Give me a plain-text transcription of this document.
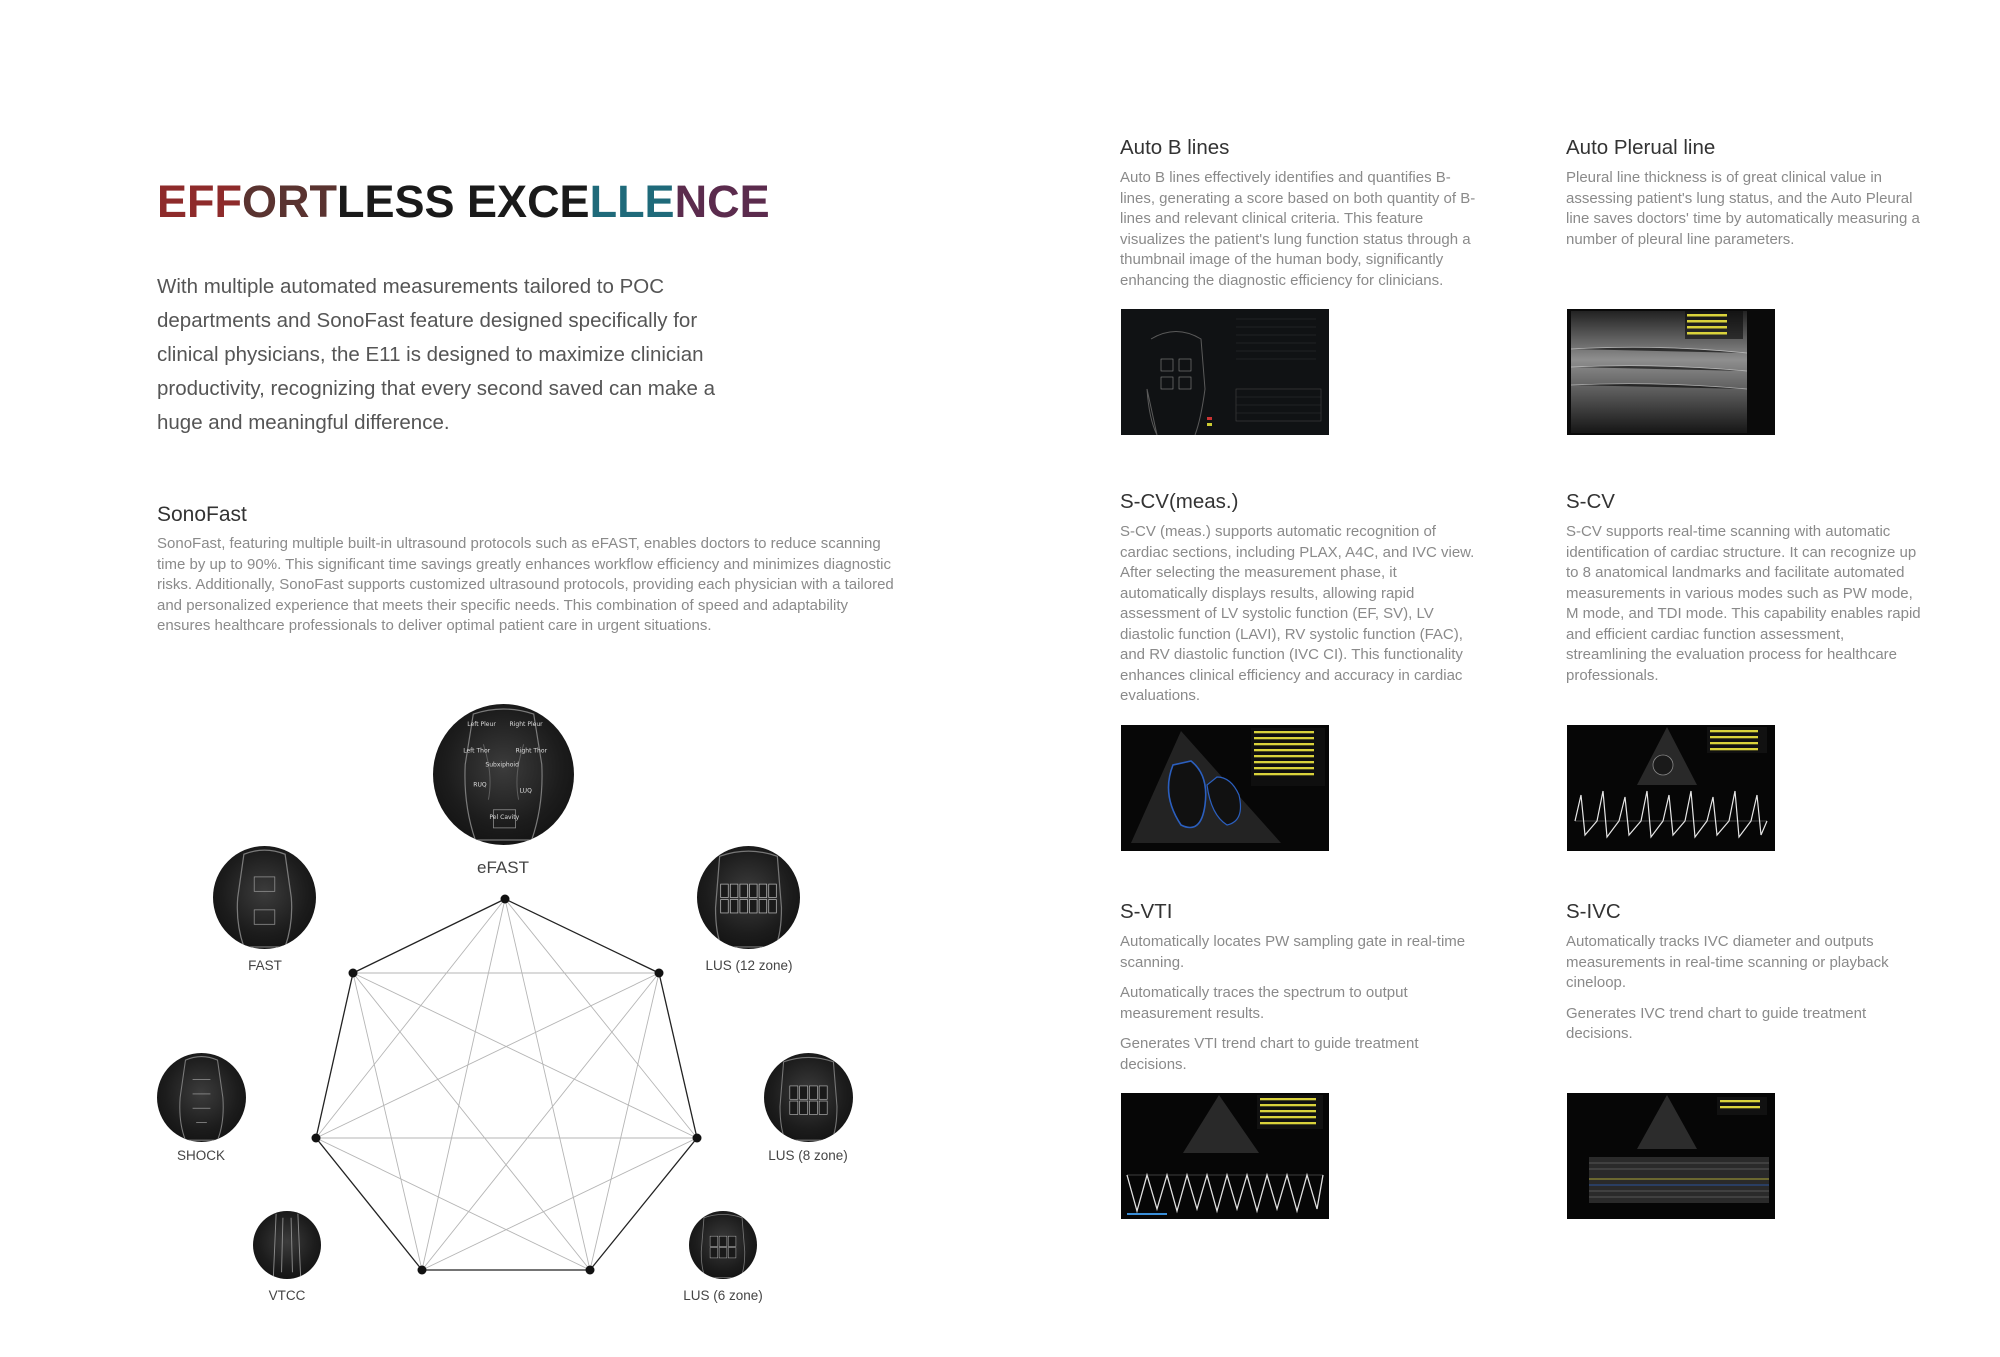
EFFORTLESS EXCELLENCE

With multiple automated measurements tailored to POC departments and SonoFast feature designed specifically for clinical physicians, the E11 is designed to maximize clinician productivity, recognizing that every second saved can make a huge and meaningful difference.

SonoFast

SonoFast, featuring multiple built-in ultrasound protocols such as eFAST, enables doctors to reduce scanning time by up to 90%. This significant time savings greatly enhances workflow efficiency and minimizes diagnostic risks. Additionally, SonoFast supports customized ultrasound protocols, providing each physician with a tailored and personalized experience that meets their specific needs. This combination of speed and adaptability ensures healthcare professionals to deliver optimal patient care in urgent situations.

Left Pleur Right Pleur
Left Thor	Right Thor
Subxiphoid
RUQ
LUQ
Pel Cavity
eFAST
LUS (12 zone)
LUS (8 zone)
LUS (6 zone)
VTCC
SHOCK
FAST
Auto B lines

Auto B lines effectively identifies and quantifies B-lines, generating a score based on both quantity of B-lines and relevant clinical criteria. This feature visualizes the patient's lung function status through a thumbnail image of the human body, significantly enhancing the diagnostic efficiency for clinicians.

Auto Plerual line

Pleural line thickness is of great clinical value in assessing patient's lung status, and the Auto Pleural line saves doctors' time by automatically measuring a number of pleural line parameters.

S-CV(meas.)

S-CV (meas.) supports automatic recognition of cardiac sections, including PLAX, A4C, and IVC view. After selecting the measurement phase, it automatically displays results, allowing rapid assessment of LV systolic function (EF, SV), LV diastolic function (LAVI), RV systolic function (FAC), and RV diastolic function (IVC CI). This functionality enhances clinical efficiency and accuracy in cardiac evaluations.

S-CV

S-CV supports real-time scanning with automatic identification of cardiac structure. It can recognize up to 8 anatomical landmarks and facilitate automated measurements in various modes such as PW mode, M mode, and TDI mode. This capability enables rapid and efficient cardiac function assessment, streamlining the evaluation process for healthcare professionals.

S-VTI

Automatically locates PW sampling gate in real-time scanning.

Automatically traces the spectrum to output measurement results.

Generates VTI trend chart to guide treatment decisions.

S-IVC

Automatically tracks IVC diameter and outputs measurements in real-time scanning or playback cineloop.

Generates IVC trend chart to guide treatment decisions.
